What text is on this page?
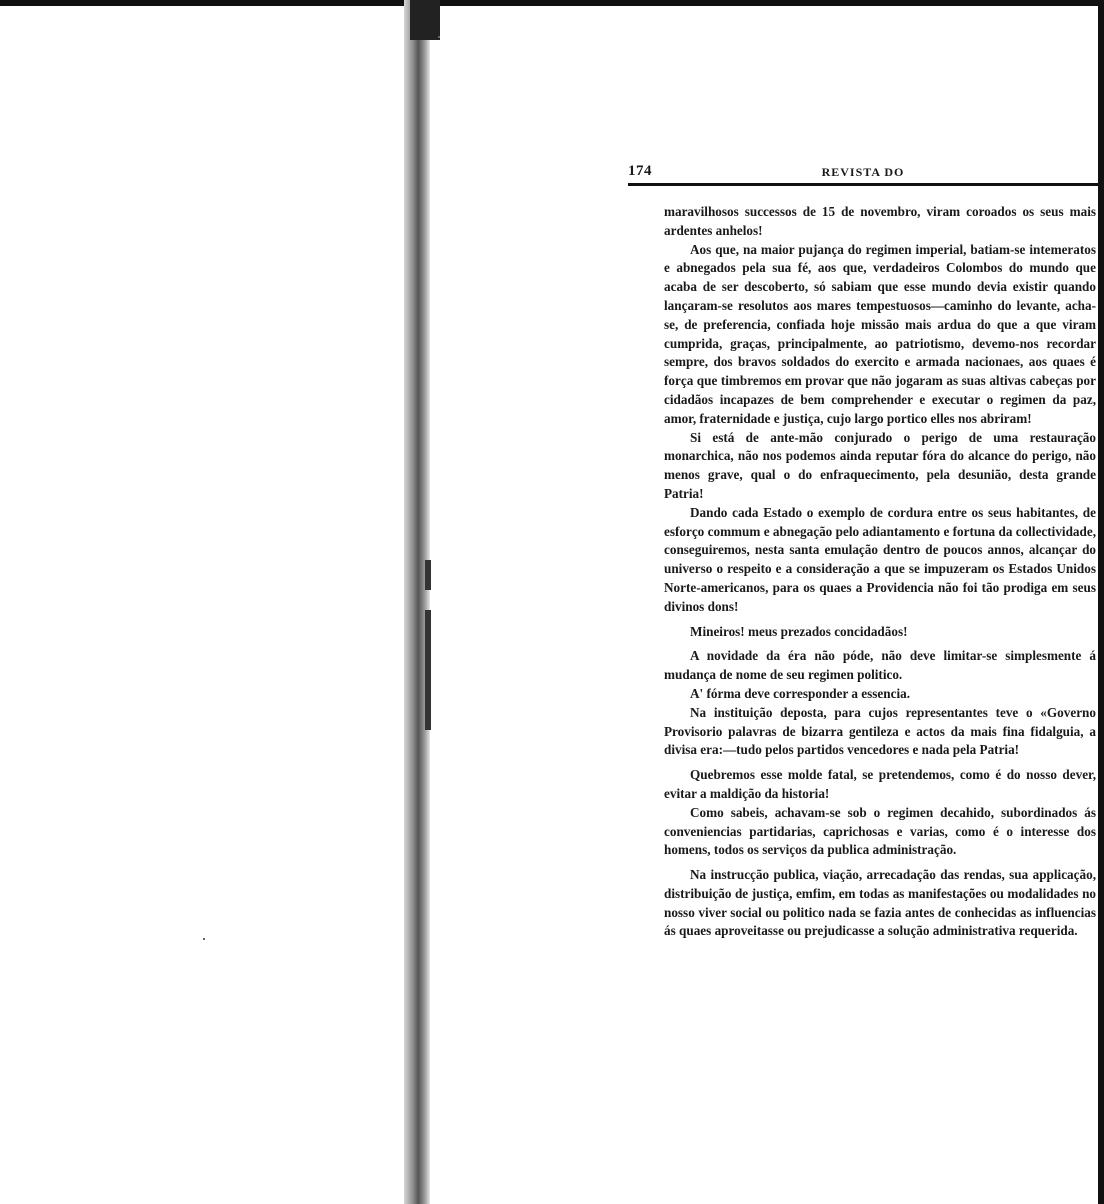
174	REVISTA DO

maravilhosos successos de 15 de novembro, viram coroados os seus mais ardentes anhelos!

Aos que, na maior pujança do regimen imperial, batiam-se intemeratos e abnegados pela sua fé, aos que, verdadeiros Colombos do mundo que acaba de ser descoberto, só sabiam que esse mundo devia existir quando lançaram-se resolutos aos mares tempestuosos—caminho do levante, acha-se, de preferencia, confiada hoje missão mais ardua do que a que viram cumprida, graças, principalmente, ao patriotismo, devemo-nos recordar sempre, dos bravos soldados do exercito e armada nacionaes, aos quaes é força que timbremos em provar que não jogaram as suas altivas cabeças por cidadãos incapazes de bem comprehender e executar o regimen da paz, amor, fraternidade e justiça, cujo largo portico elles nos abriram!

Si está de ante-mão conjurado o perigo de uma restauração monarchica, não nos podemos ainda reputar fóra do alcance do perigo, não menos grave, qual o do enfraquecimento, pela desunião, desta grande Patria!

Dando cada Estado o exemplo de cordura entre os seus habitantes, de esforço commum e abnegação pelo adiantamento e fortuna da collectividade, conseguiremos, nesta santa emulação dentro de poucos annos, alcançar do universo o respeito e a consideração a que se impuzeram os Estados Unidos Norte-americanos, para os quaes a Providencia não foi tão prodiga em seus divinos dons!

Mineiros! meus prezados concidadãos!

A novidade da éra não póde, não deve limitar-se simplesmente á mudança de nome de seu regimen politico.

A' fórma deve corresponder a essencia.

Na instituição deposta, para cujos representantes teve o «Governo Provisorio palavras de bizarra gentileza e actos da mais fina fidalguia, a divisa era:—tudo pelos partidos vencedores e nada pela Patria!

Quebremos esse molde fatal, se pretendemos, como é do nosso dever, evitar a maldição da historia!

Como sabeis, achavam-se sob o regimen decahido, subordinados ás conveniencias partidarias, caprichosas e varias, como é o interesse dos homens, todos os serviços da publica administração.

Na instrucção publica, viação, arrecadação das rendas, sua applicação, distribuição de justiça, emfim, em todas as manifestações ou modalidades no nosso viver social ou politico nada se fazia antes de conhecidas as influencias ás quaes aproveitasse ou prejudicasse a solução administrativa requerida.
